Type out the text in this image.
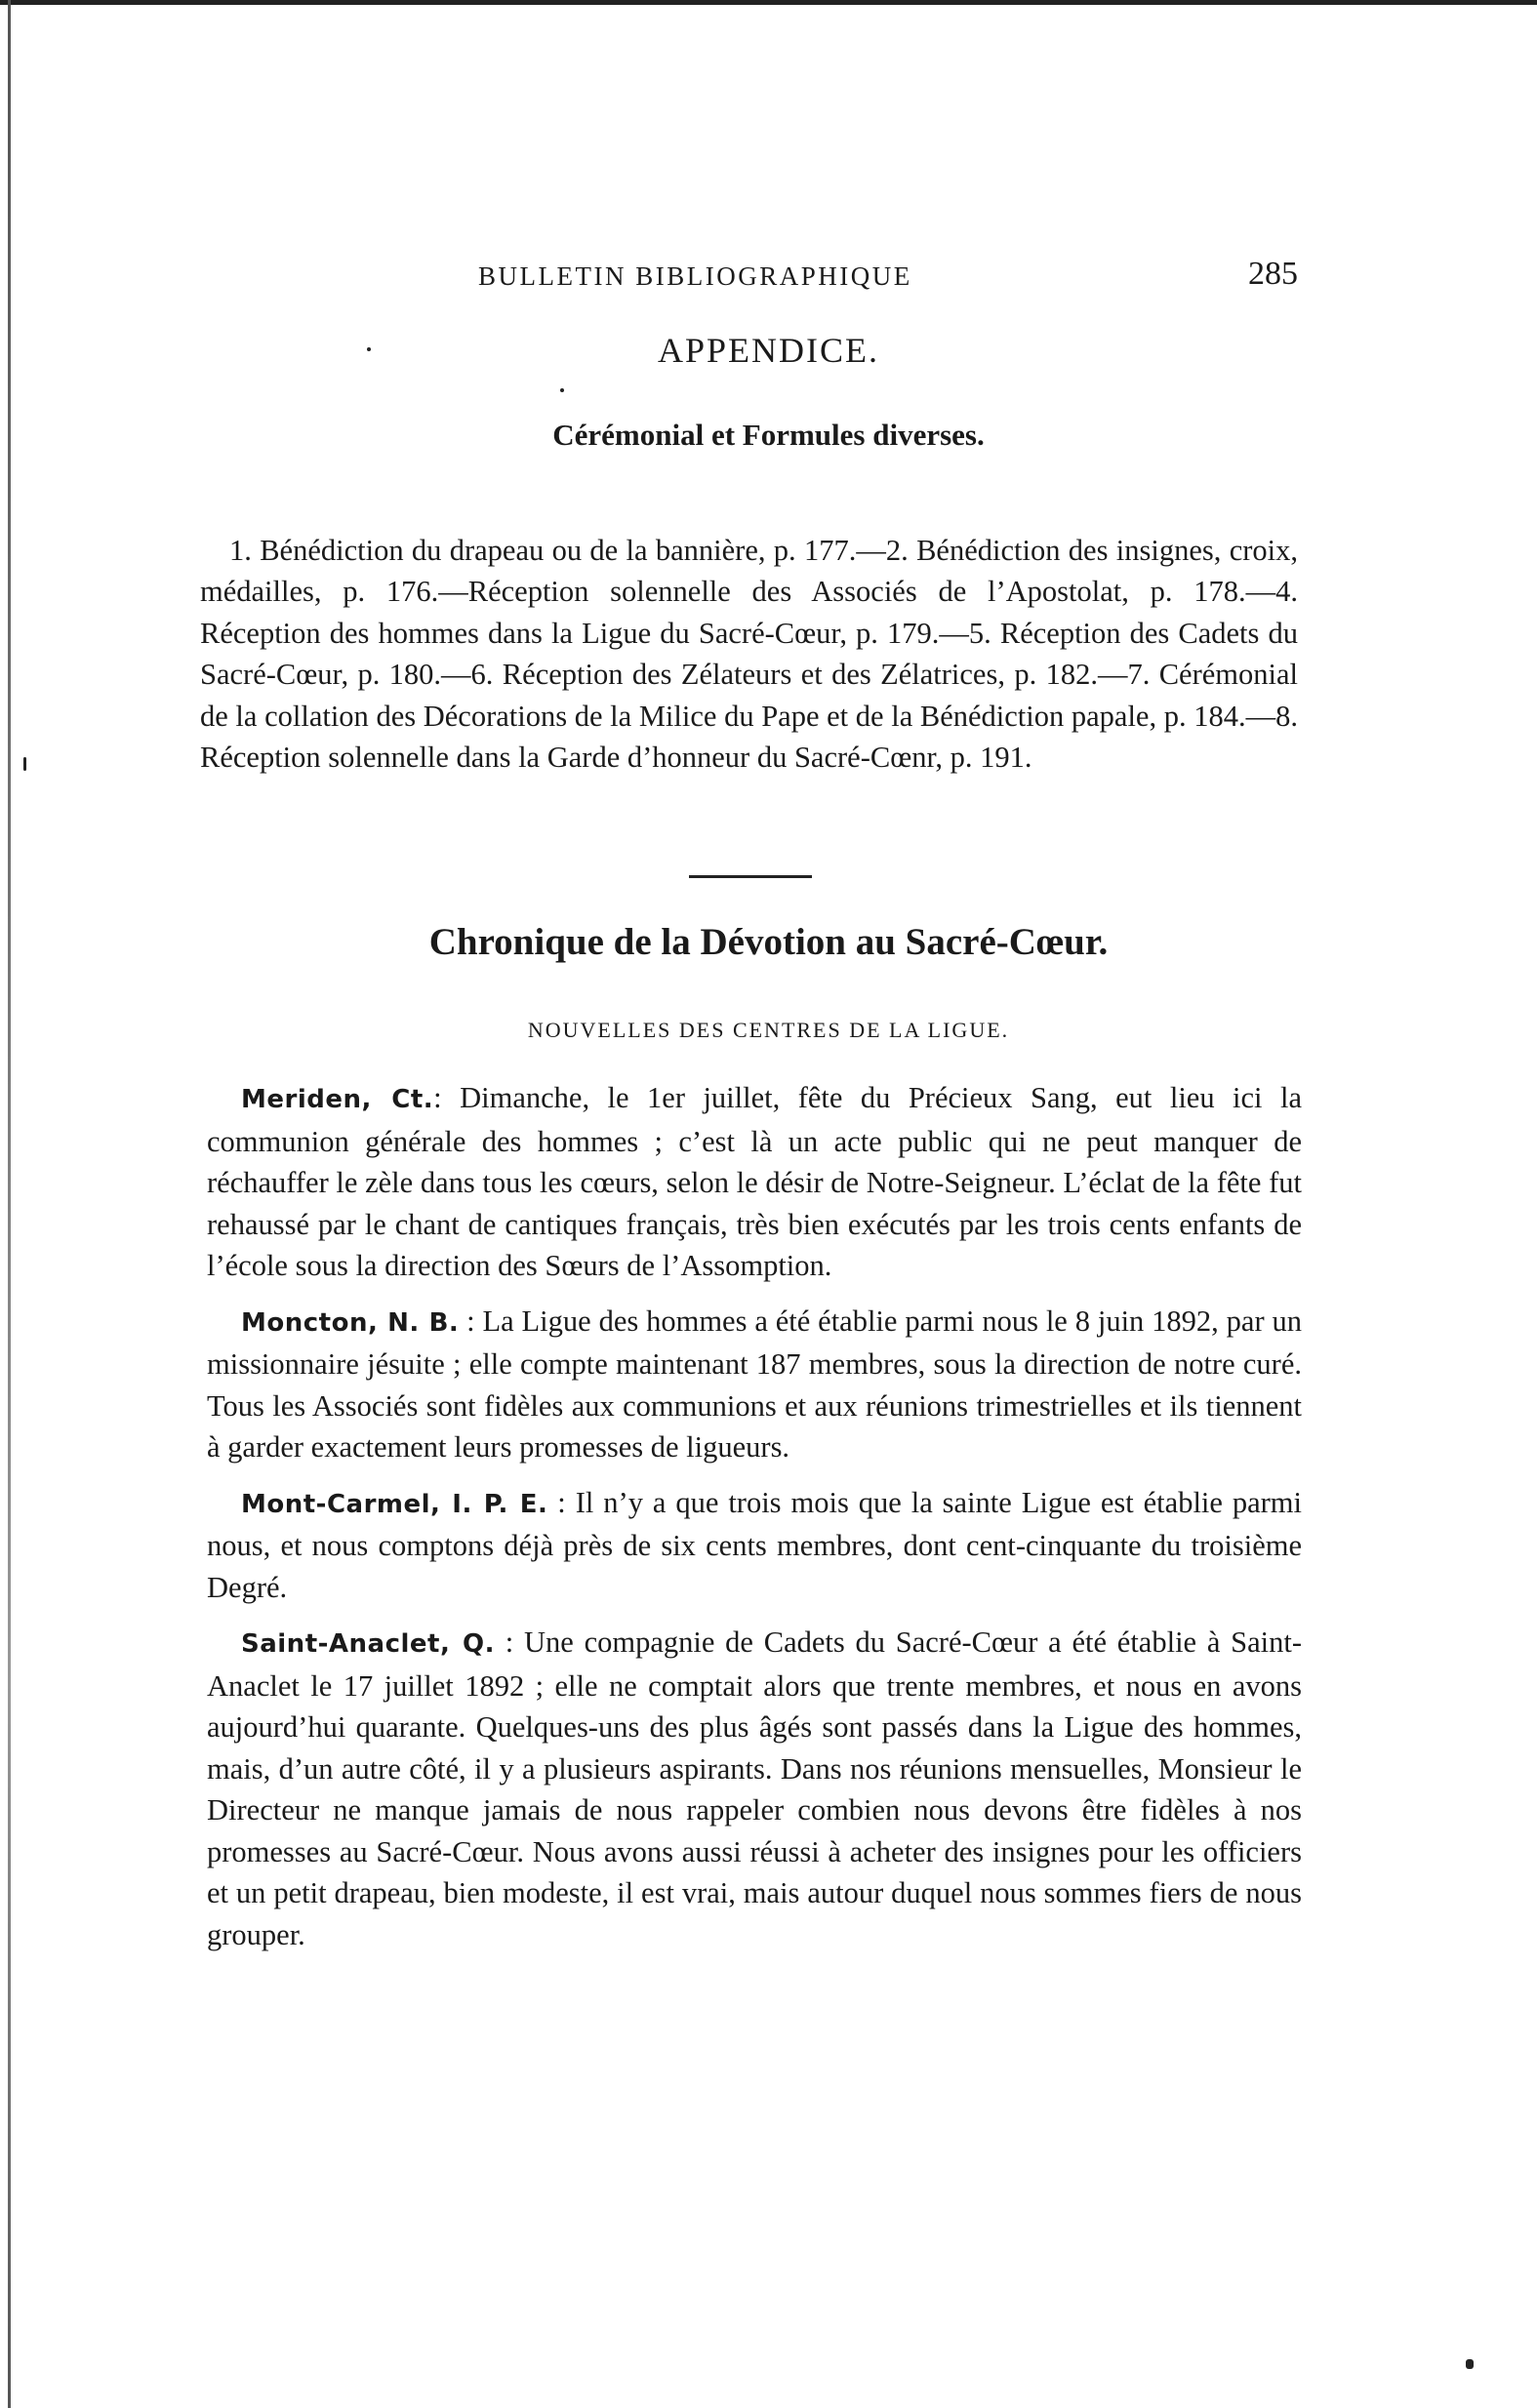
BULLETIN BIBLIOGRAPHIQUE	285
APPENDICE.
Cérémonial et Formules diverses.

1. Bénédiction du drapeau ou de la bannière, p. 177.—2. Bénédiction des insignes, croix, médailles, p. 176.—Réception solennelle des Associés de l’Apostolat, p. 178.—4. Réception des hommes dans la Ligue du Sacré-Cœur, p. 179.—5. Réception des Cadets du Sacré-Cœur, p. 180.—6. Réception des Zélateurs et des Zélatrices, p. 182.—7. Cérémonial de la collation des Décorations de la Milice du Pape et de la Bénédiction papale, p. 184.—8. Réception solennelle dans la Garde d’honneur du Sacré-Cœnr, p. 191.

Chronique de la Dévotion au Sacré-Cœur.
NOUVELLES DES CENTRES DE LA LIGUE.

Meriden, Ct.: Dimanche, le 1er juillet, fête du Précieux Sang, eut lieu ici la communion générale des hommes ; c’est là un acte public qui ne peut manquer de réchauffer le zèle dans tous les cœurs, selon le désir de Notre-Seigneur. L’éclat de la fête fut rehaussé par le chant de cantiques français, très bien exécutés par les trois cents enfants de l’école sous la direction des Sœurs de l’Assomption.

Moncton, N. B. : La Ligue des hommes a été établie parmi nous le 8 juin 1892, par un missionnaire jésuite ; elle compte maintenant 187 membres, sous la direction de notre curé. Tous les Associés sont fidèles aux communions et aux réunions trimestrielles et ils tiennent à garder exactement leurs promesses de ligueurs.

Mont-Carmel, I. P. E. : Il n’y a que trois mois que la sainte Ligue est établie parmi nous, et nous comptons déjà près de six cents membres, dont cent-cinquante du troisième Degré.

Saint-Anaclet, Q. : Une compagnie de Cadets du Sacré-Cœur a été établie à Saint-Anaclet le 17 juillet 1892 ; elle ne comptait alors que trente membres, et nous en avons aujourd’hui quarante. Quelques-uns des plus âgés sont passés dans la Ligue des hommes, mais, d’un autre côté, il y a plusieurs aspirants. Dans nos réunions mensuelles, Monsieur le Directeur ne manque jamais de nous rappeler combien nous devons être fidèles à nos promesses au Sacré-Cœur. Nous avons aussi réussi à acheter des insignes pour les officiers et un petit drapeau, bien modeste, il est vrai, mais autour duquel nous sommes fiers de nous grouper.
